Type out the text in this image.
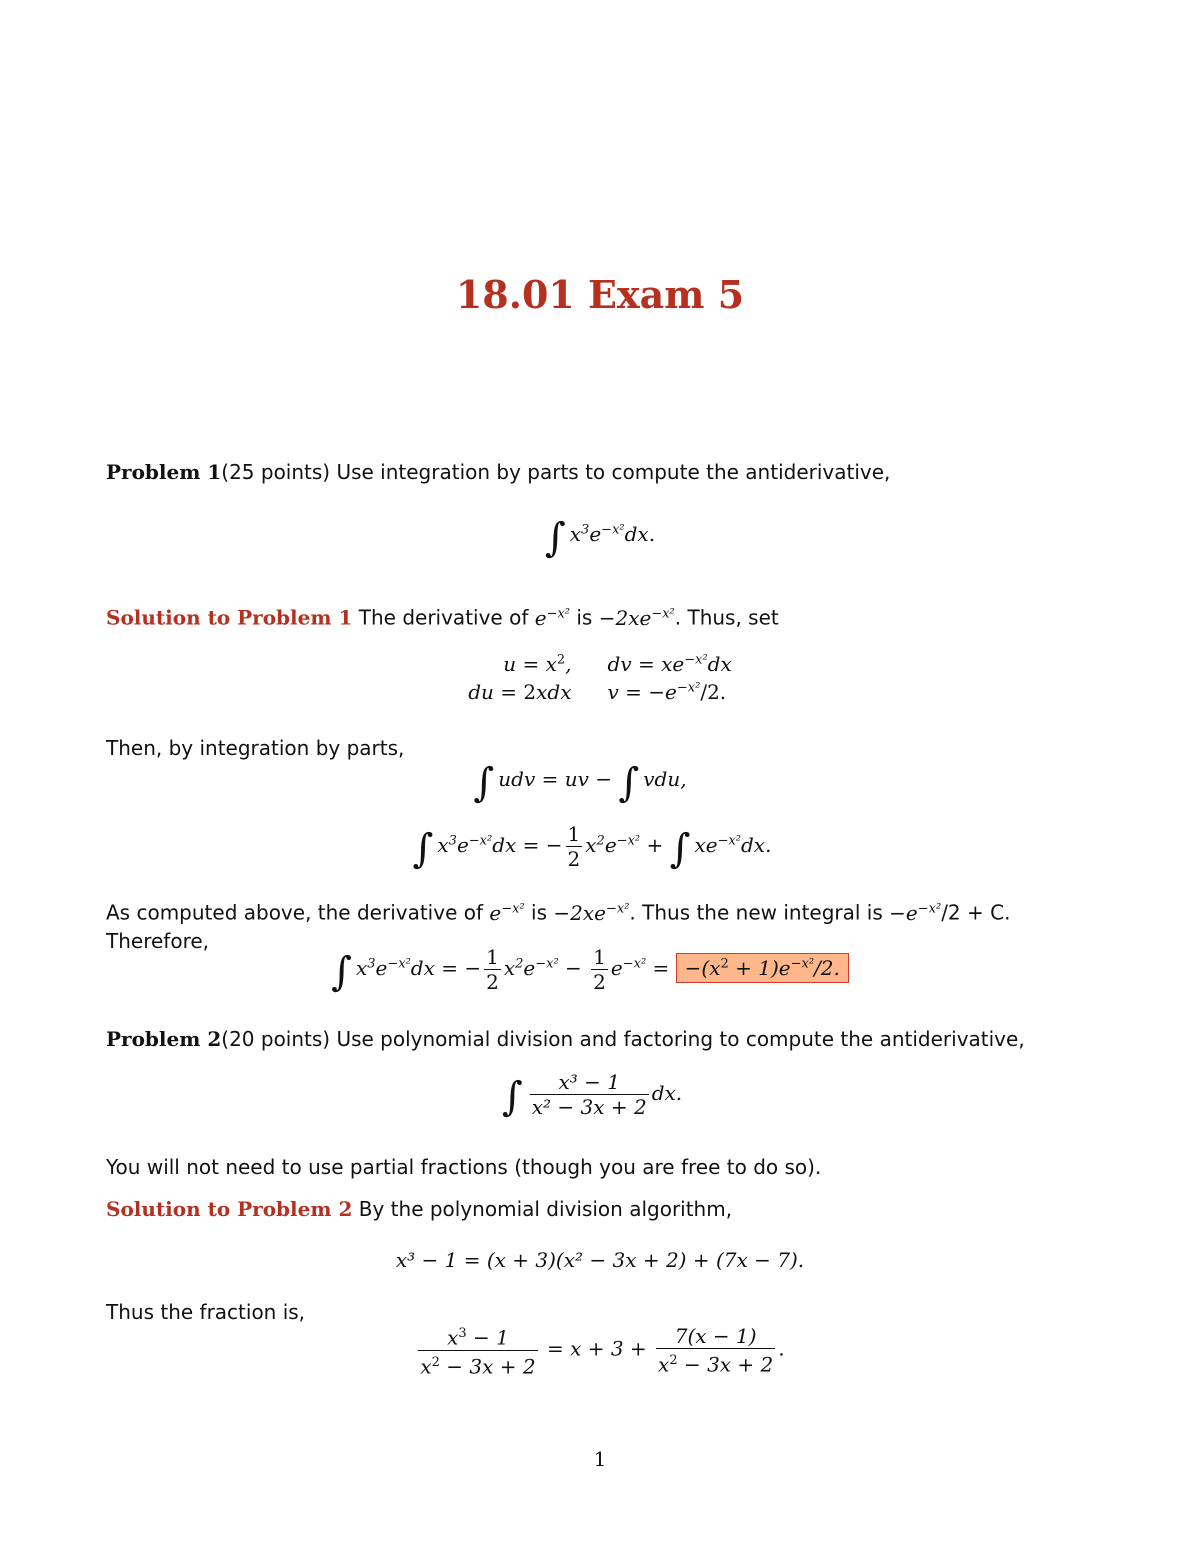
18.01 Exam 5
Problem 1(25 points) Use integration by parts to compute the antiderivative,
∫ $x^3e^{-x^2}dx$.
Solution to Problem 1 The derivative of $e^{-x^2}$ is $-2xe^{-x^2}$. Thus, set
$u = x^2$,	dv = $xe^{-x^2}dx$
du = 2xdx	$v = -e^{-x^2}/2$.
Then, by integration by parts,
∫ udv = uv − ∫ vdu,
∫ $x^3e^{-x^2}dx$ = − $\frac{1}{2} x^2e^{-x^2}$ + ∫ $xe^{-x^2}dx$.
As computed above, the derivative of $e^{-x^2}$ is $-2xe^{-x^2}$. Thus the new integral is $-e^{-x^2}/2 + C$.
Therefore,
∫ $x^3e^{-x^2}dx$ = − $\frac{1}{2} x^2e^{-x^2} - \frac{1}{2} e^{-x^2} = -(x^2 + 1)e^{-x^2}/2$.
Problem 2(20 points) Use polynomial division and factoring to compute the antiderivative,
∫ $\frac{\text{x³ − 1}}{\text{x² − 3x + 2}}$ dx.
You will not need to use partial fractions (though you are free to do so).
Solution to Problem 2 By the polynomial division algorithm,
x³ − 1 = (x + 3)(x² − 3x + 2) + (7x − 7).
Thus the fraction is,
$\frac{x^3 - 1}{x^2 - 3x + 2} = x + 3 + \frac{7(x - 1)}{x^2 - 3x + 2}$ .
1
